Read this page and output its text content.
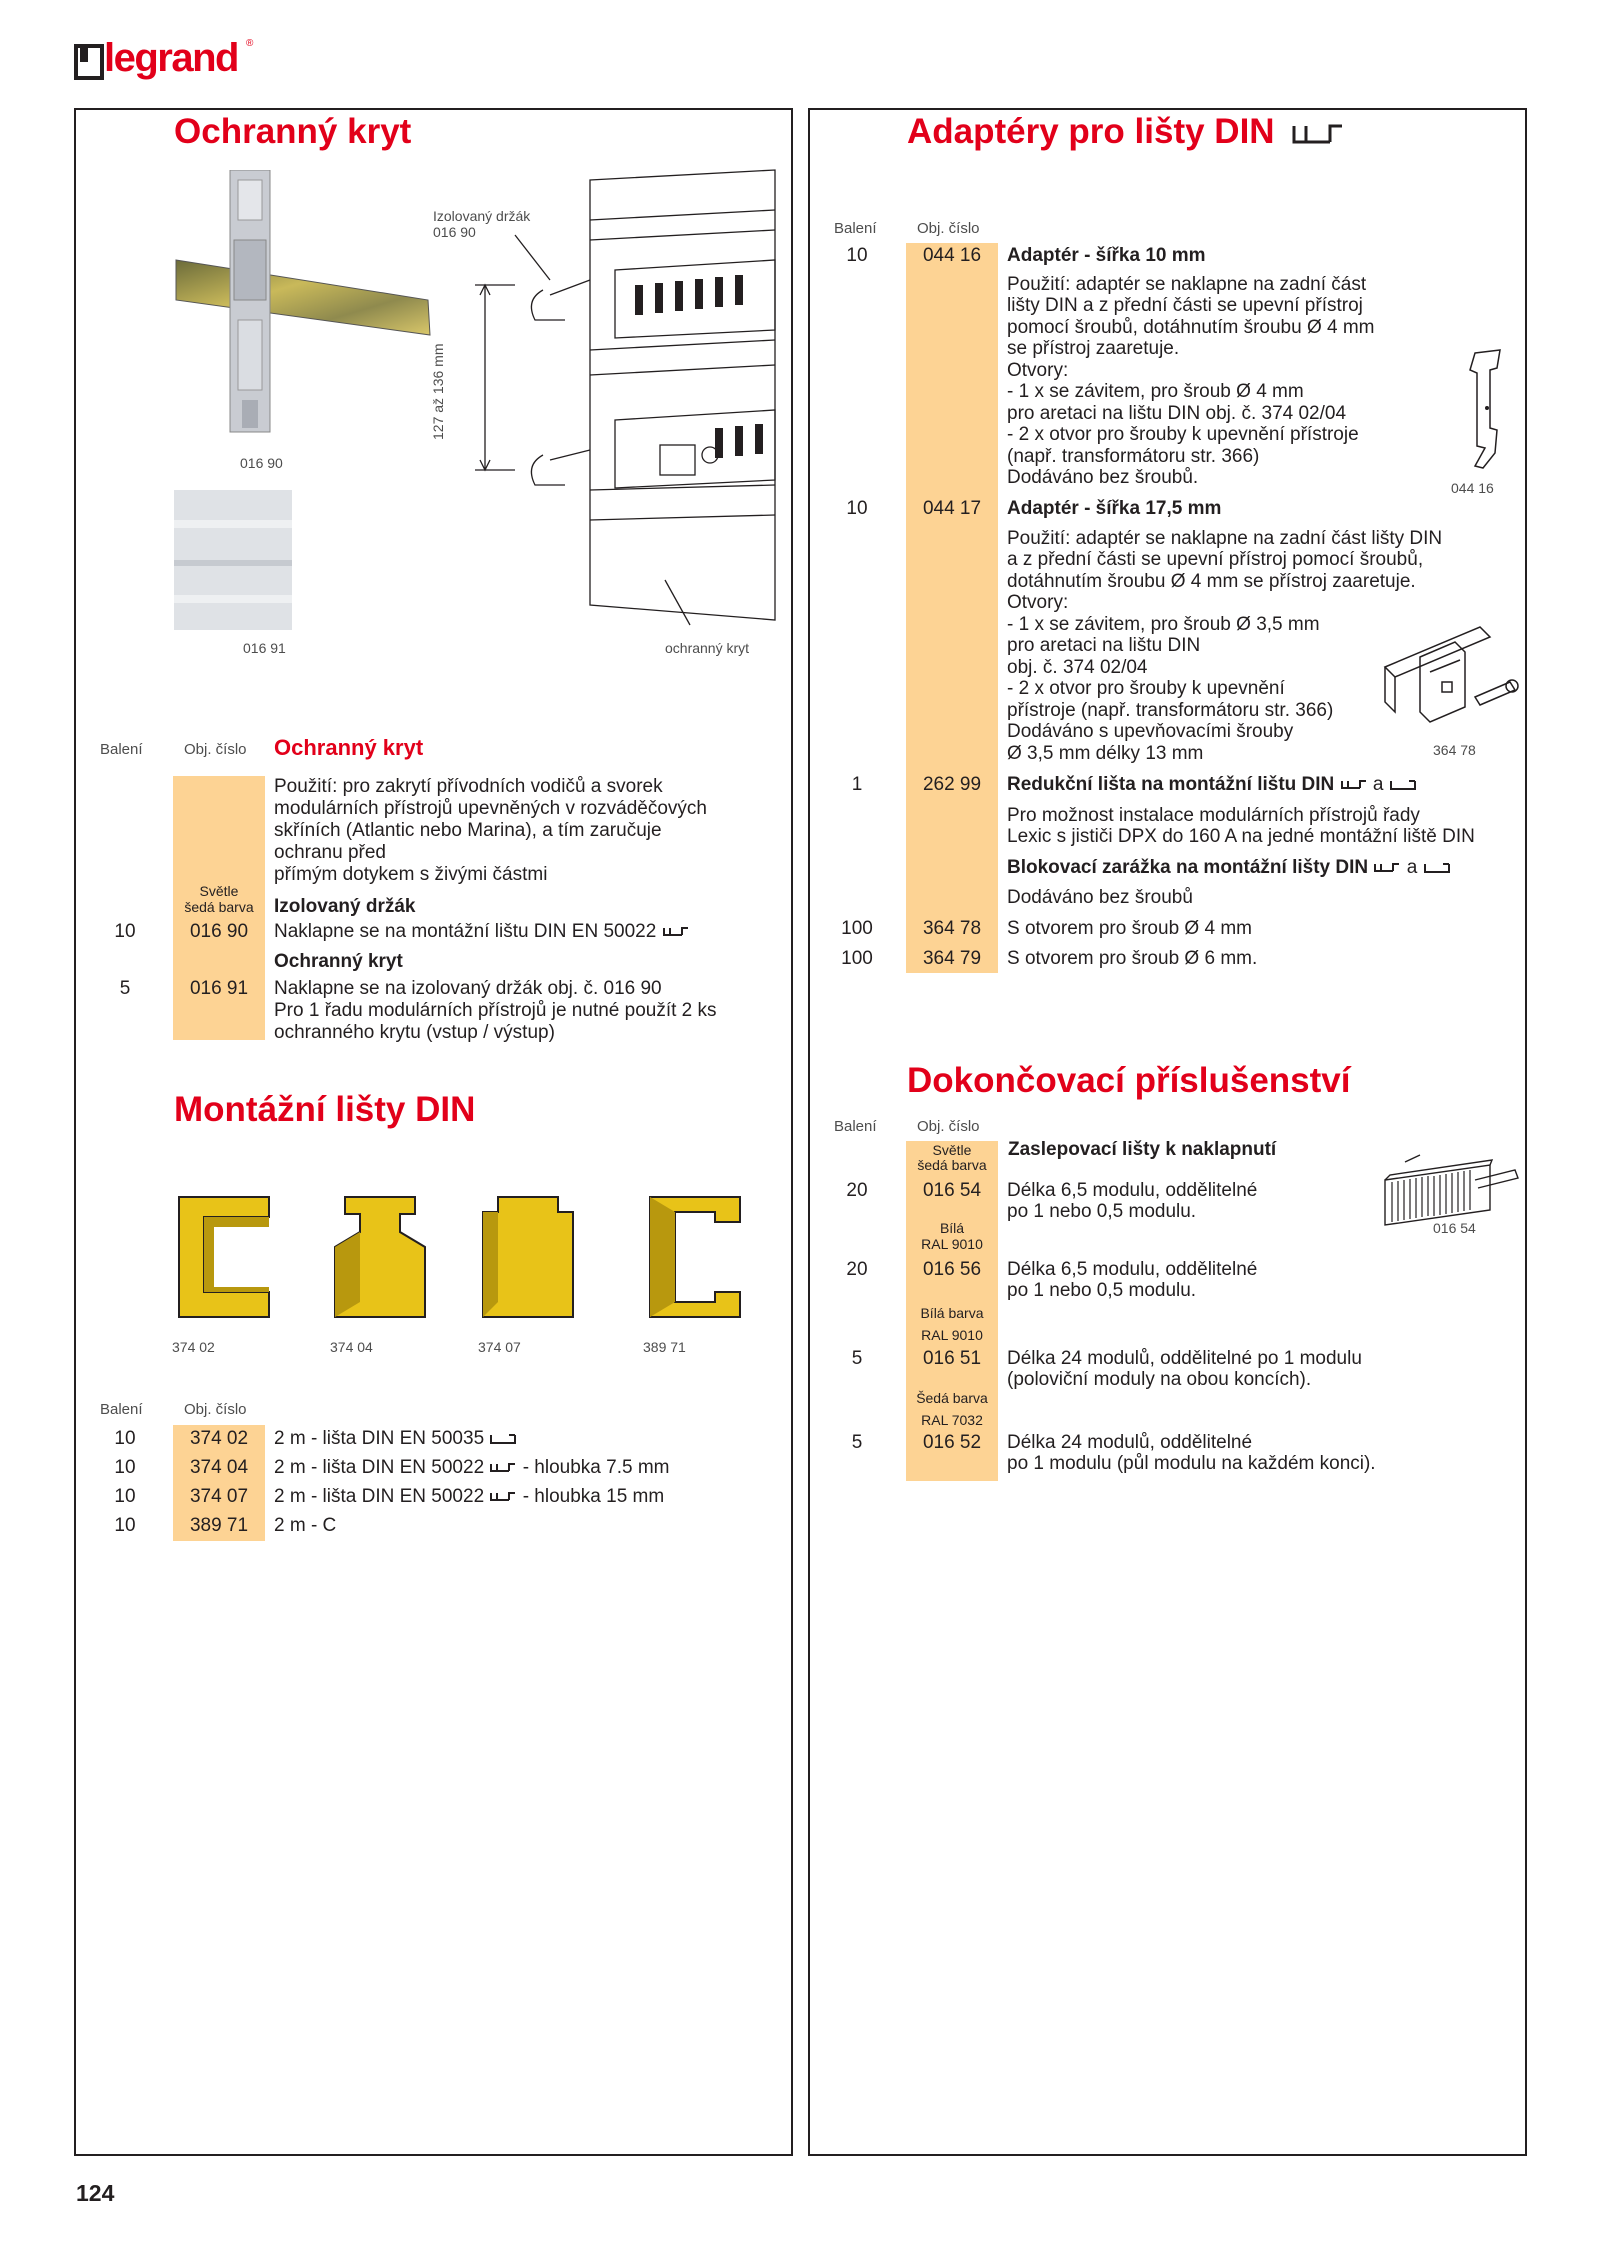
legrand ®
Ochranný kryt
016 90
016 91
Izolovaný držák
016 90
127 až 136 mm
ochranný kryt
Balení	Obj. číslo Ochranný kryt
Použití: pro zakrytí přívodních vodičů a svorek
modulárních přístrojů upevněných v rozváděčových
skříních (Atlantic nebo Marina), a tím zaručuje
ochranu před
přímým dotykem s živými částmi
Světle
šedá barva	Izolovaný držák
10	016 90	Naklapne se na montážní lištu DIN EN 50022
Ochranný kryt
5	016 91	Naklapne se na izolovaný držák obj. č. 016 90
Pro 1 řadu modulárních přístrojů je nutné použít 2 ks
ochranného krytu (vstup / výstup)
Montážní lišty DIN
374 02	374 04	374 07	389 71
Balení	Obj. číslo
10	374 02	2 m - lišta DIN EN 50035
10	374 04	2 m - lišta DIN EN 50022  - hloubka 7.5 mm
10	374 07	2 m - lišta DIN EN 50022  - hloubka 15 mm
10	389 71	2 m - C
Adaptéry pro lišty DIN
Balení	Obj. číslo
10	044 16	Adaptér - šířka 10 mm
Použití: adaptér se naklapne na zadní část
lišty DIN a z přední části se upevní přístroj
pomocí šroubů, dotáhnutím šroubu Ø 4 mm
se přístroj zaaretuje.
Otvory:
- 1 x se závitem, pro šroub Ø 4 mm
pro aretaci na lištu DIN obj. č. 374 02/04
- 2 x otvor pro šrouby k upevnění přístroje
(např. transformátoru str. 366)
Dodáváno bez šroubů.	044 16
10	044 17	Adaptér - šířka 17,5 mm
Použití: adaptér se naklapne na zadní část lišty DIN
a z přední části se upevní přístroj pomocí šroubů,
dotáhnutím šroubu Ø 4 mm se přístroj zaaretuje.
Otvory:
- 1 x se závitem, pro šroub Ø 3,5 mm
pro aretaci na lištu DIN
obj. č. 374 02/04
- 2 x otvor pro šrouby k upevnění
přístroje (např. transformátoru str. 366)
Dodáváno s upevňovacími šrouby
Ø 3,5 mm délky 13 mm	364 78
1	262 99	Redukční lišta na montážní lištu DIN a
Pro možnost instalace modulárních přístrojů řady
Lexic s jističi DPX do 160 A na jedné montážní liště DIN
Blokovací zarážka na montážní lišty DIN a
Dodáváno bez šroubů
100	364 78	S otvorem pro šroub Ø 4 mm
100	364 79	S otvorem pro šroub Ø 6 mm.
Dokončovací příslušenství
Balení	Obj. číslo
Světle
šedá barva
Zaslepovací lišty k naklapnutí
20	016 54	Délka 6,5 modulu, oddělitelné
po 1 nebo 0,5 modulu.
Bílá
RAL 9010
20	016 56	Délka 6,5 modulu, oddělitelné
po 1 nebo 0,5 modulu.
Bílá barva
RAL 9010
5	016 51	Délka 24 modulů, oddělitelné po 1 modulu
(poloviční moduly na obou koncích).
Šedá barva
RAL 7032
5	016 52	Délka 24 modulů, oddělitelné
po 1 modulu (půl modulu na každém konci).
016 54
124
